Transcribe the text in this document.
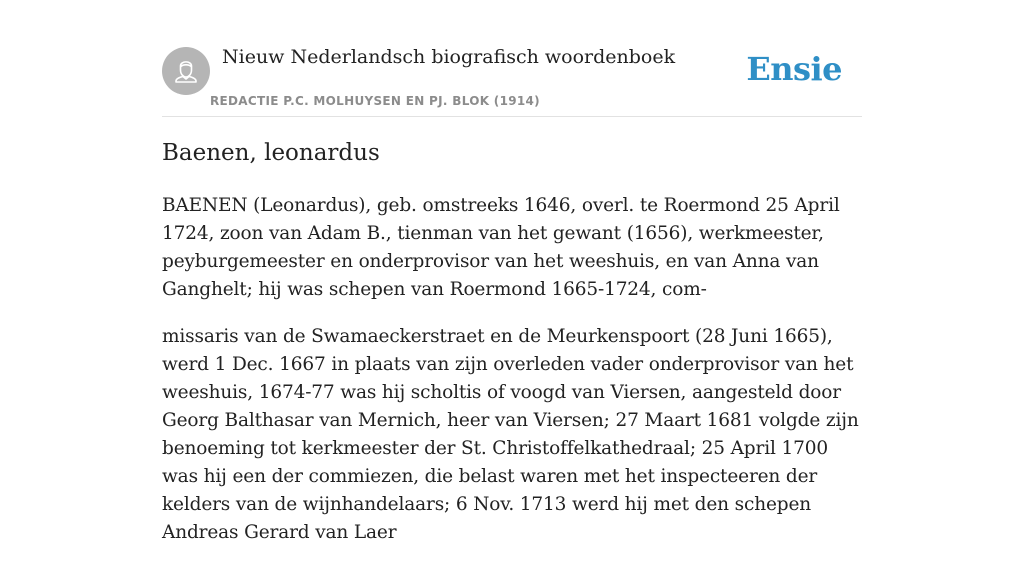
Nieuw Nederlandsch biografisch woordenboek
REDACTIE P.C. MOLHUYSEN EN PJ. BLOK (1914)
Ensie
Baenen, leonardus

BAENEN (Leonardus), geb. omstreeks 1646, overl. te Roermond 25 April 1724, zoon van Adam B., tienman van het gewant (1656), werkmeester, peyburgemeester en onderprovisor van het weeshuis, en van Anna van Ganghelt; hij was schepen van Roermond 1665-1724, com-

missaris van de Swamaeckerstraet en de Meurkenspoort (28 Juni 1665), werd 1 Dec. 1667 in plaats van zijn overleden vader onderprovisor van het weeshuis, 1674-77 was hij scholtis of voogd van Viersen, aangesteld door Georg Balthasar van Mernich, heer van Viersen; 27 Maart 1681 volgde zijn benoeming tot kerkmeester der St. Christoffelkathedraal; 25 April 1700 was hij een der commiezen, die belast waren met het inspecteeren der kelders van de wijnhandelaars; 6 Nov. 1713 werd hij met den schepen Andreas Gerard van Laer
